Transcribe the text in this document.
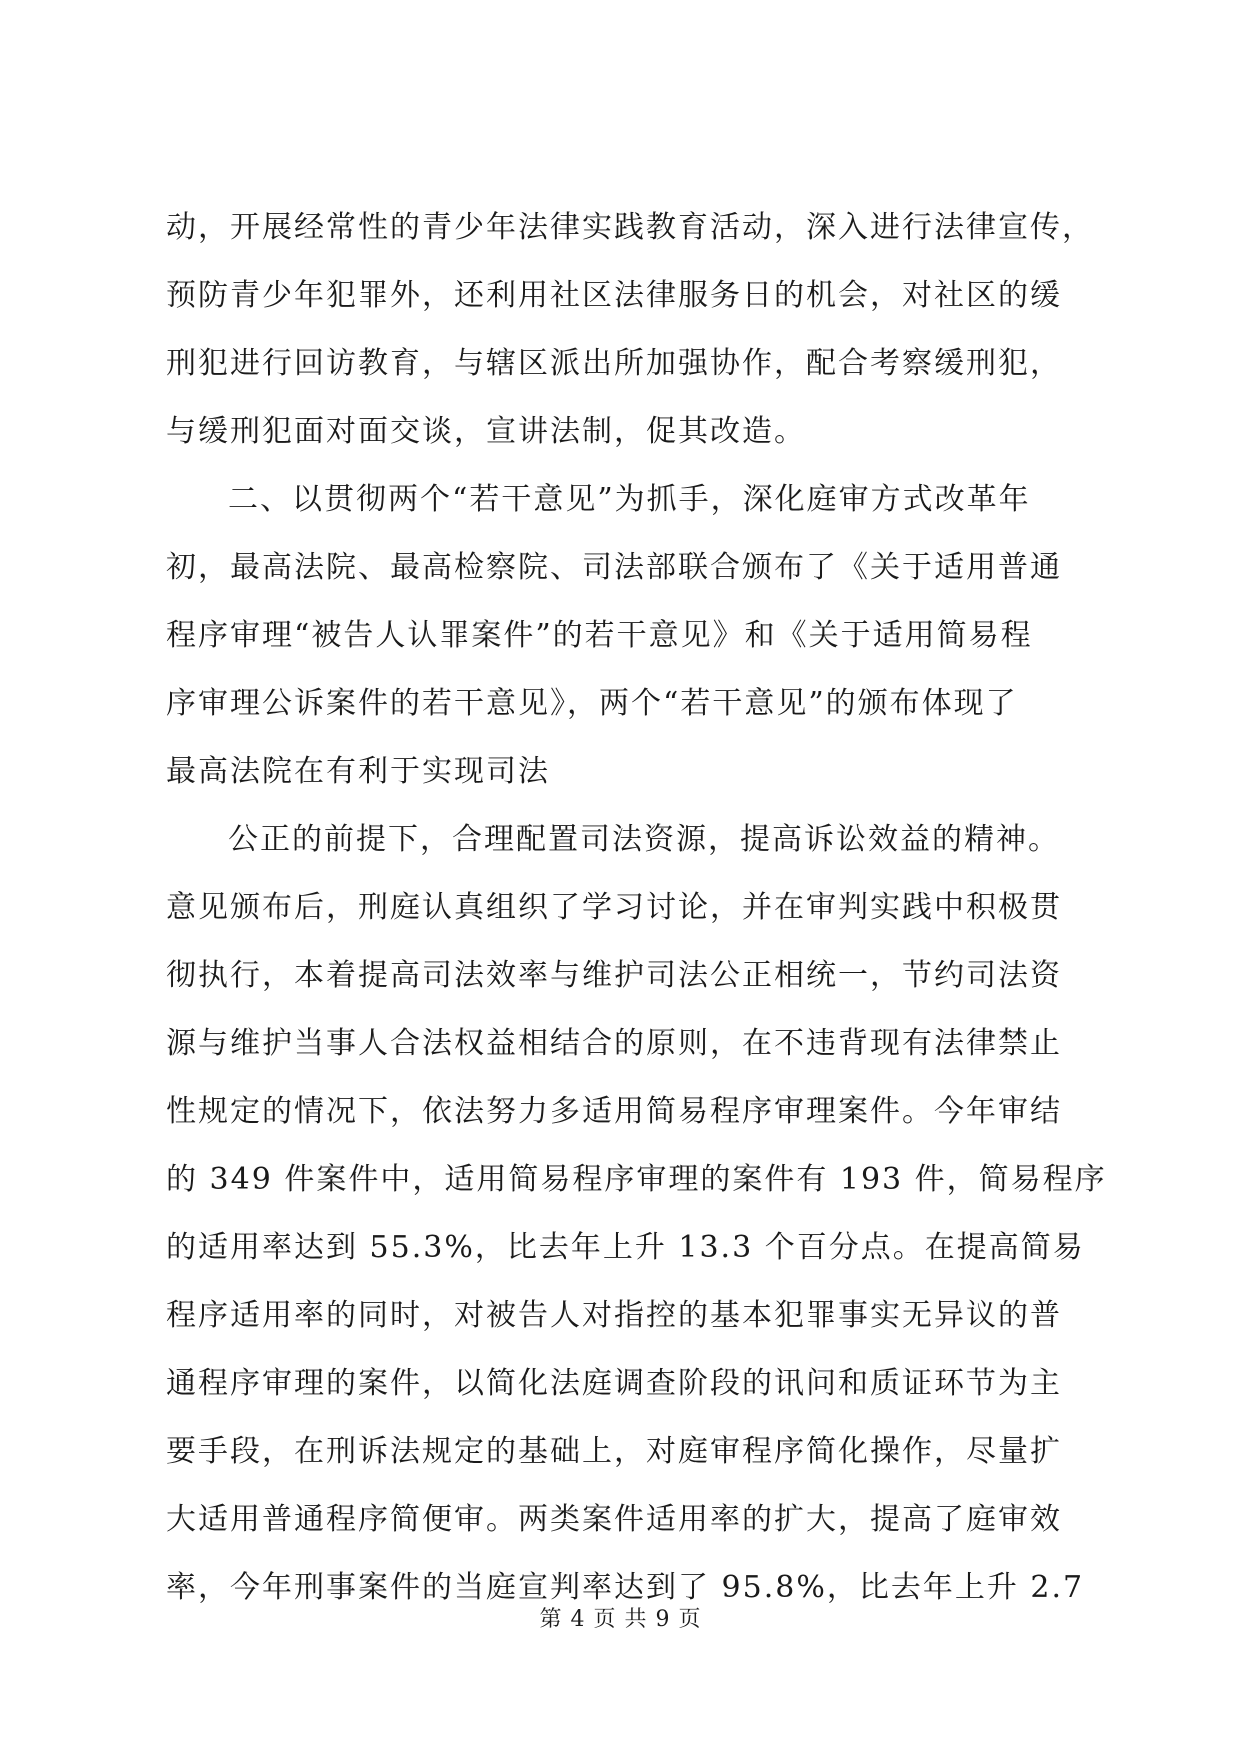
动，开展经常性的青少年法律实践教育活动，深入进行法律宣传，
预防青少年犯罪外，还利用社区法律服务日的机会，对社区的缓
刑犯进行回访教育，与辖区派出所加强协作，配合考察缓刑犯，
与缓刑犯面对面交谈，宣讲法制，促其改造。
二、以贯彻两个“若干意见”为抓手，深化庭审方式改革年
初，最高法院、最高检察院、司法部联合颁布了《关于适用普通
程序审理“被告人认罪案件”的若干意见》和《关于适用简易程
序审理公诉案件的若干意见》，两个“若干意见”的颁布体现了
最高法院在有利于实现司法
公正的前提下，合理配置司法资源，提高诉讼效益的精神。
意见颁布后，刑庭认真组织了学习讨论，并在审判实践中积极贯
彻执行，本着提高司法效率与维护司法公正相统一，节约司法资
源与维护当事人合法权益相结合的原则，在不违背现有法律禁止
性规定的情况下，依法努力多适用简易程序审理案件。今年审结
的 349 件案件中，适用简易程序审理的案件有 193 件，简易程序
的适用率达到 55.3%，比去年上升 13.3 个百分点。在提高简易
程序适用率的同时，对被告人对指控的基本犯罪事实无异议的普
通程序审理的案件，以简化法庭调查阶段的讯问和质证环节为主
要手段，在刑诉法规定的基础上，对庭审程序简化操作，尽量扩
大适用普通程序简便审。两类案件适用率的扩大，提高了庭审效
率，今年刑事案件的当庭宣判率达到了 95.8%，比去年上升 2.7
第 4 页 共 9 页
